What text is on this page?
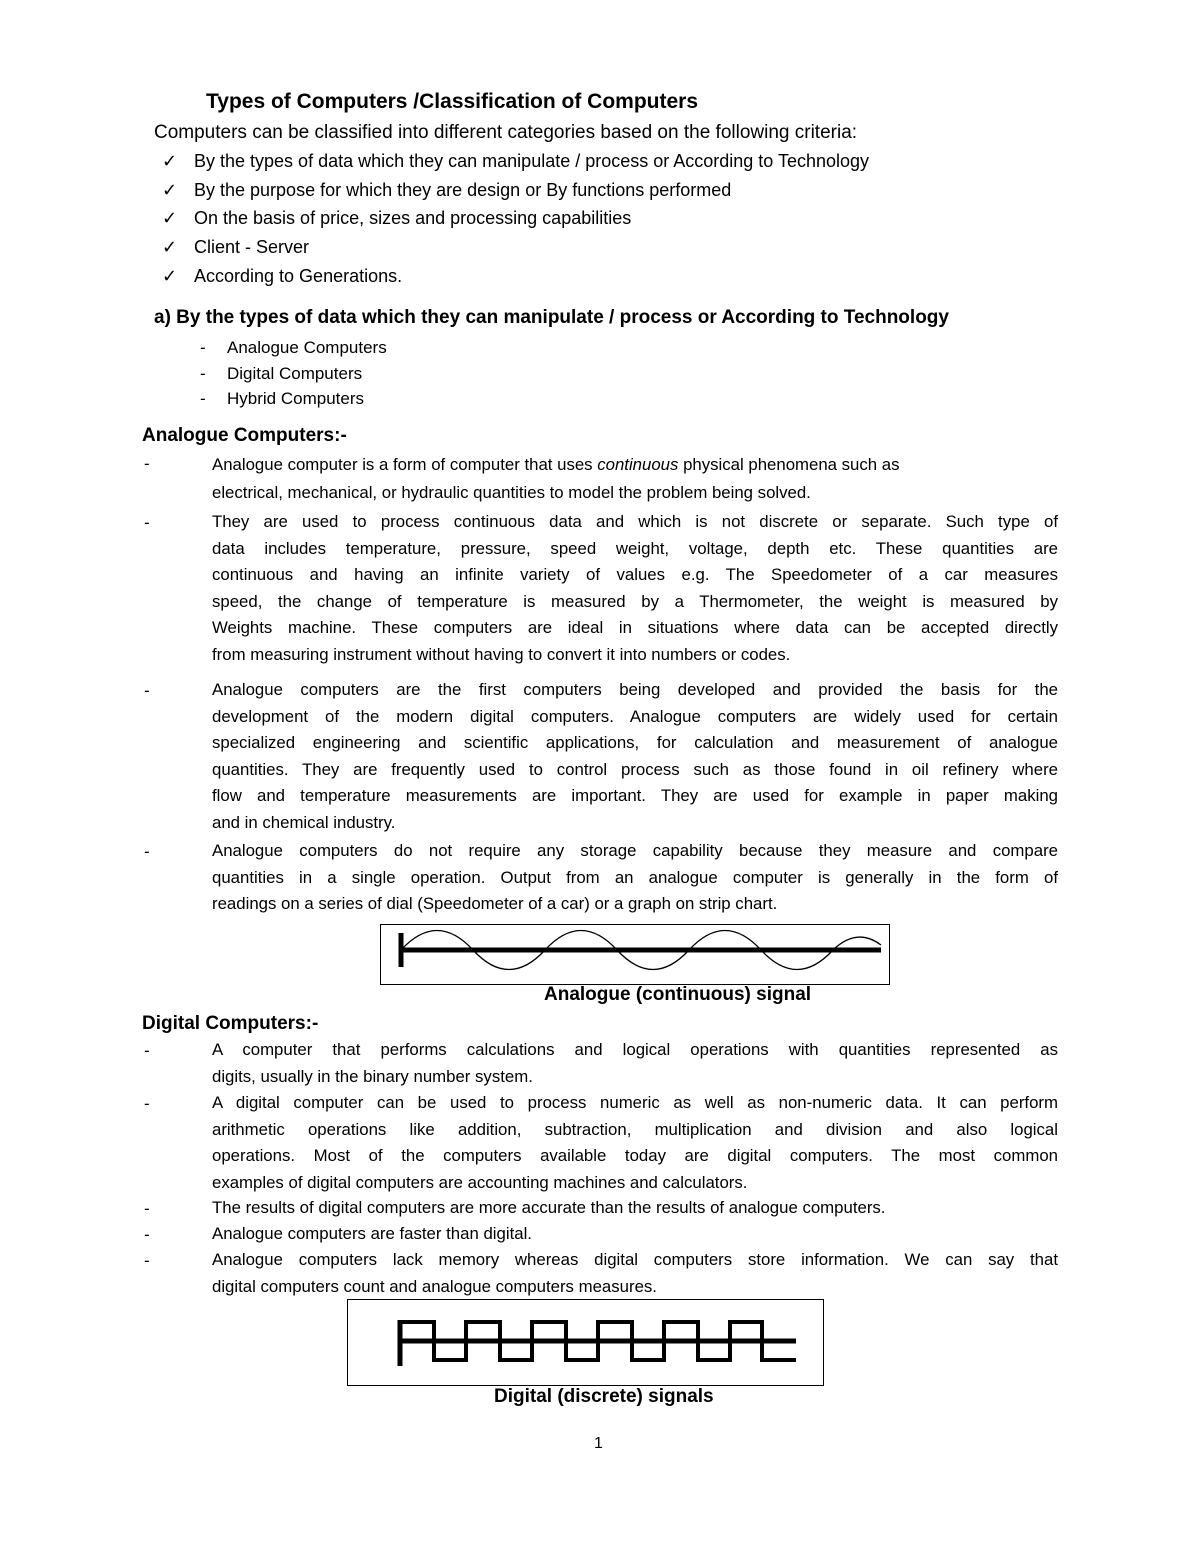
Types of Computers /Classification of Computers
Computers can be classified into different categories based on the following criteria:
✓ By the types of data which they can manipulate / process or According to Technology
✓ By the purpose for which they are design or By functions performed
✓ On the basis of price, sizes and processing capabilities
✓ Client - Server
✓ According to Generations.
a) By the types of data which they can manipulate / process or According to Technology
- Analogue Computers
- Digital Computers
- Hybrid Computers
Analogue Computers:-
-	Analogue computer is a form of computer that uses continuous physical phenomena such as
electrical, mechanical, or hydraulic quantities to model the problem being solved.
-	They are used to process continuous data and which is not discrete or separate. Such type of
data includes temperature, pressure, speed weight, voltage, depth etc. These quantities are
continuous and having an infinite variety of values e.g. The Speedometer of a car measures
speed, the change of temperature is measured by a Thermometer, the weight is measured by
Weights machine. These computers are ideal in situations where data can be accepted directly
from measuring instrument without having to convert it into numbers or codes.
-	Analogue computers are the first computers being developed and provided the basis for the
development of the modern digital computers. Analogue computers are widely used for certain
specialized engineering and scientific applications, for calculation and measurement of analogue
quantities. They are frequently used to control process such as those found in oil refinery where
flow and temperature measurements are important. They are used for example in paper making
and in chemical industry.
-	Analogue computers do not require any storage capability because they measure and compare
quantities in a single operation. Output from an analogue computer is generally in the form of
readings on a series of dial (Speedometer of a car) or a graph on strip chart.
Analogue (continuous) signal
Digital Computers:-
-	A computer that performs calculations and logical operations with quantities represented as
digits, usually in the binary number system.
-	A digital computer can be used to process numeric as well as non-numeric data. It can perform
arithmetic operations like addition, subtraction, multiplication and division and also logical
operations. Most of the computers available today are digital computers. The most common
examples of digital computers are accounting machines and calculators.
-	The results of digital computers are more accurate than the results of analogue computers.
-	Analogue computers are faster than digital.
-	Analogue computers lack memory whereas digital computers store information. We can say that
digital computers count and analogue computers measures.
Digital (discrete) signals
1
